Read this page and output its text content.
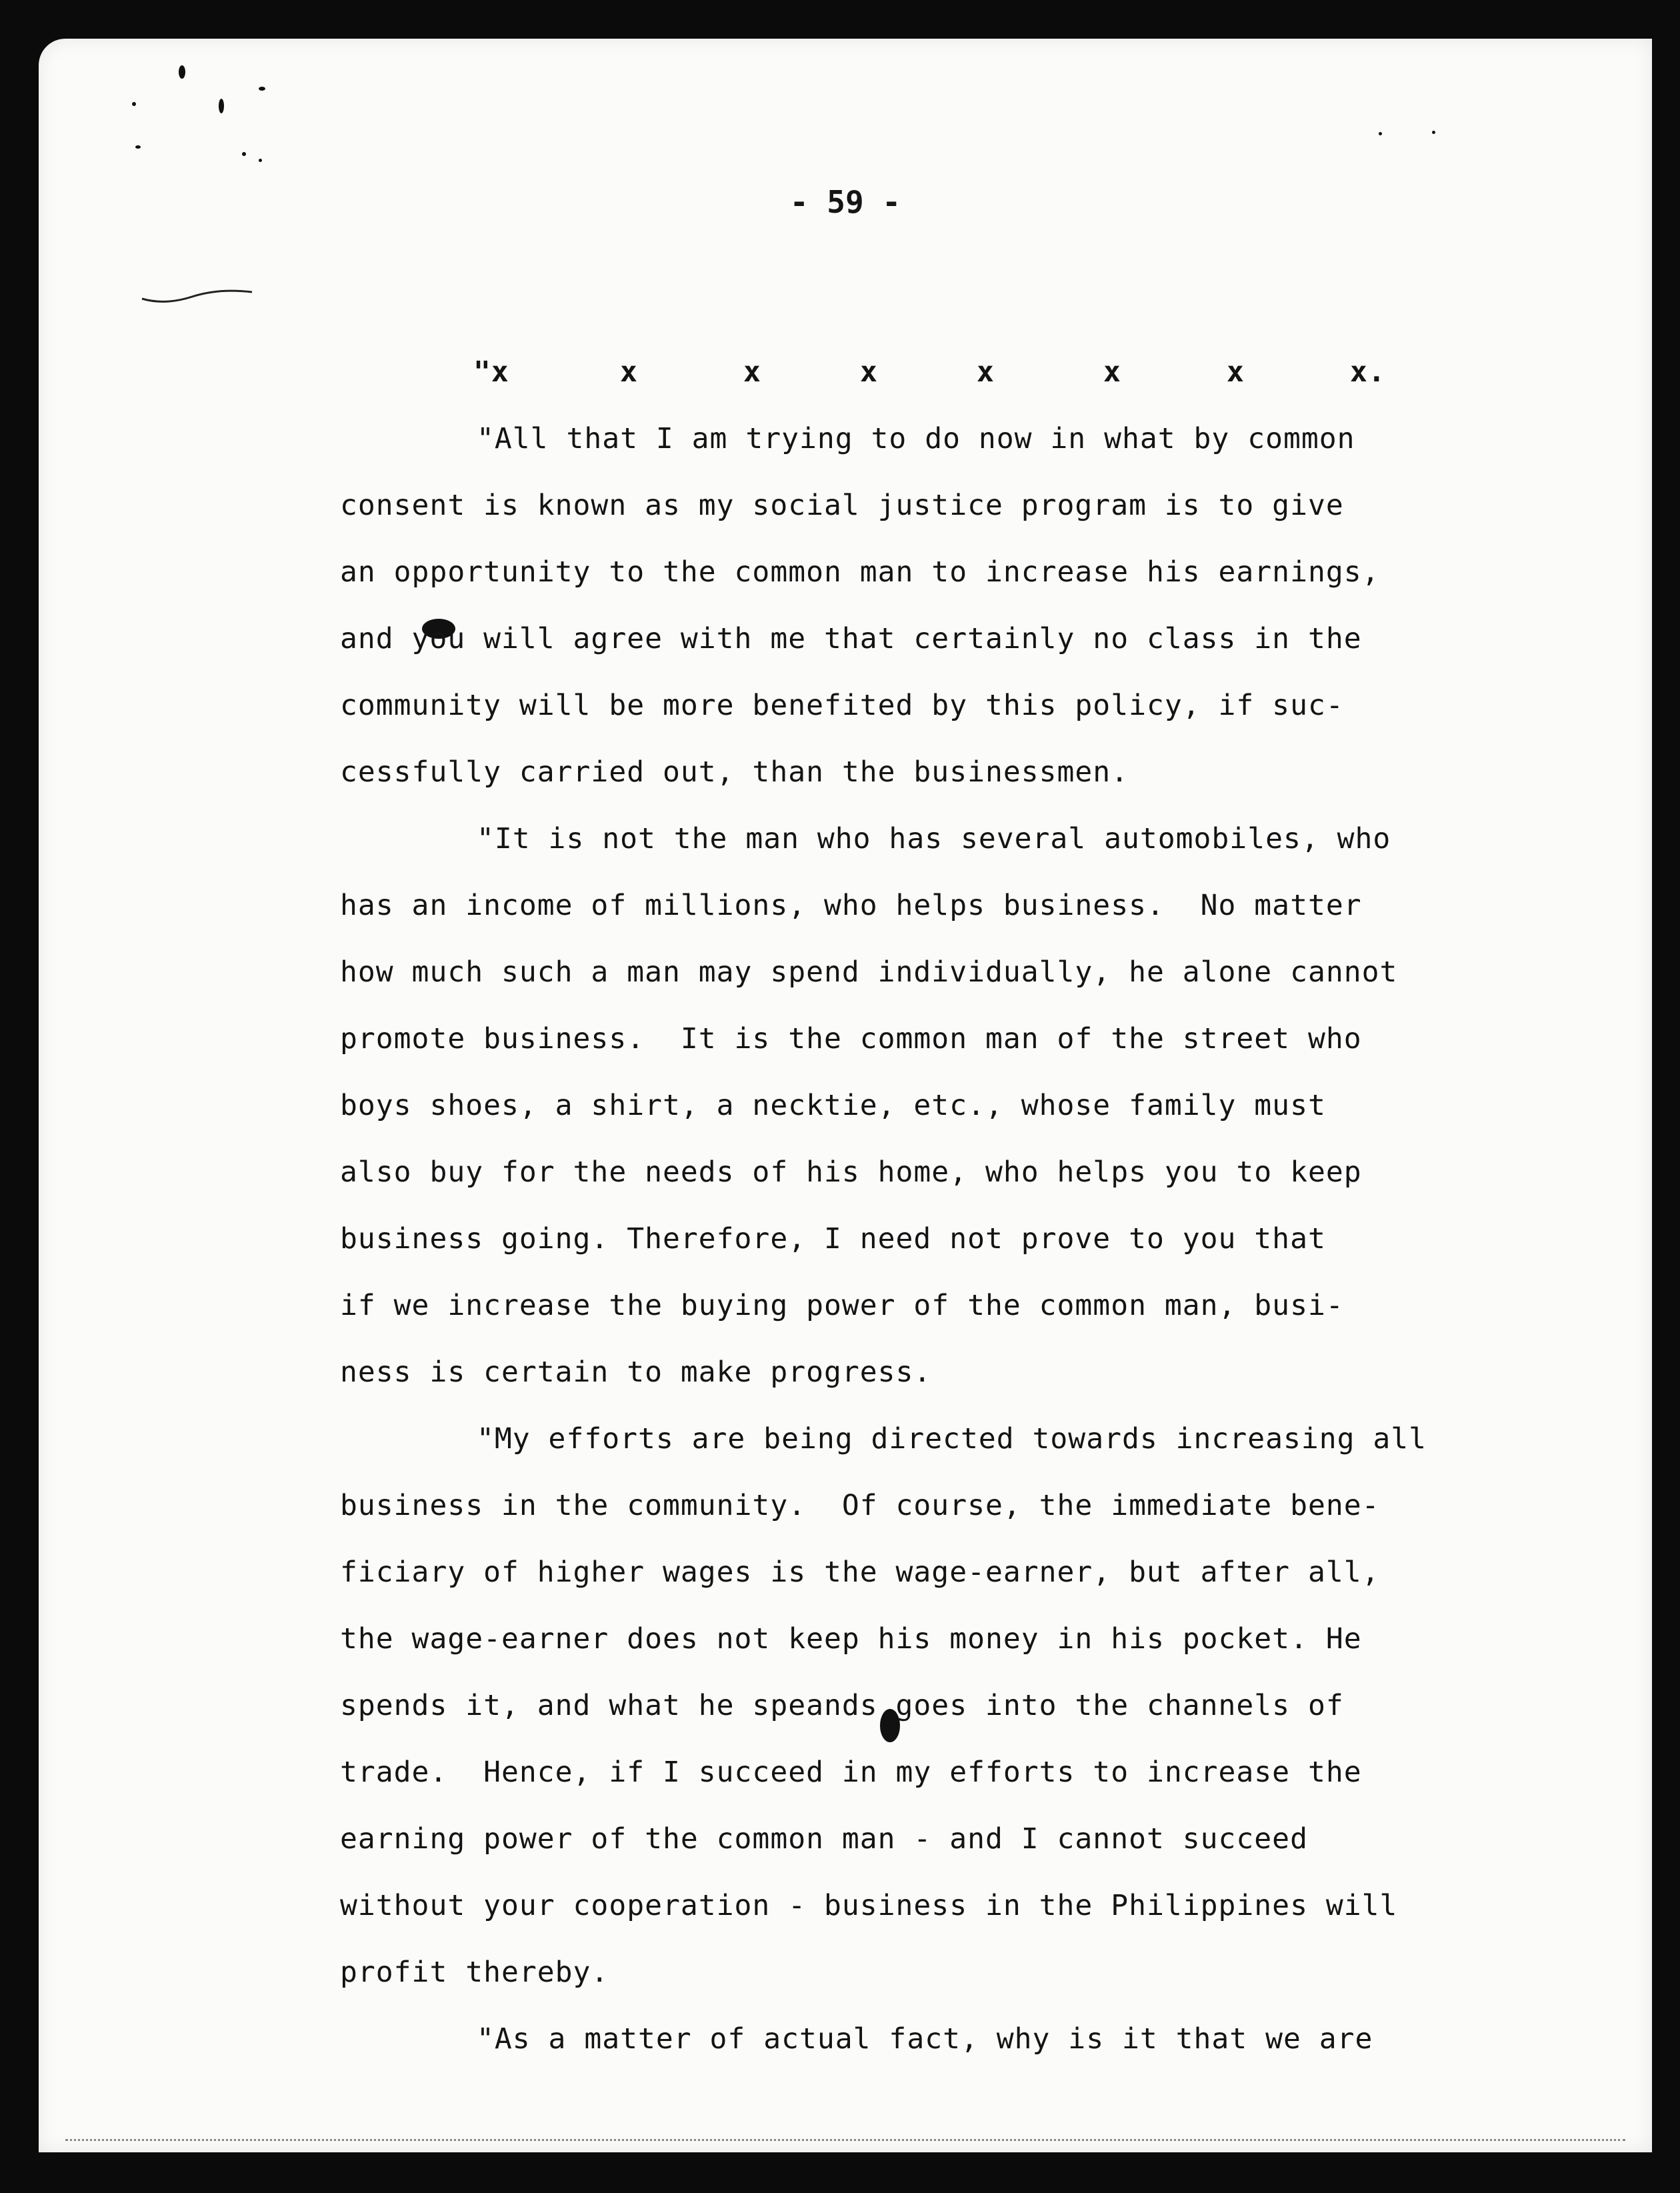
- 59 -
"x	x	x	x	x	x	x	x.
"All that I am trying to do now in what by common
consent is known as my social justice program is to give
an opportunity to the common man to increase his earnings,
and you will agree with me that certainly no class in the
community will be more benefited by this policy, if suc-
cessfully carried out, than the businessmen.
"It is not the man who has several automobiles, who
has an income of millions, who helps business.  No matter
how much such a man may spend individually, he alone cannot
promote business.  It is the common man of the street who
boys shoes, a shirt, a necktie, etc., whose family must
also buy for the needs of his home, who helps you to keep
business going. Therefore, I need not prove to you that
if we increase the buying power of the common man, busi-
ness is certain to make progress.
"My efforts are being directed towards increasing all
business in the community.  Of course, the immediate bene-
ficiary of higher wages is the wage-earner, but after all,
the wage-earner does not keep his money in his pocket. He
spends it, and what he speands goes into the channels of
trade.  Hence, if I succeed in my efforts to increase the
earning power of the common man - and I cannot succeed
without your cooperation - business in the Philippines will
profit thereby.
"As a matter of actual fact, why is it that we are
